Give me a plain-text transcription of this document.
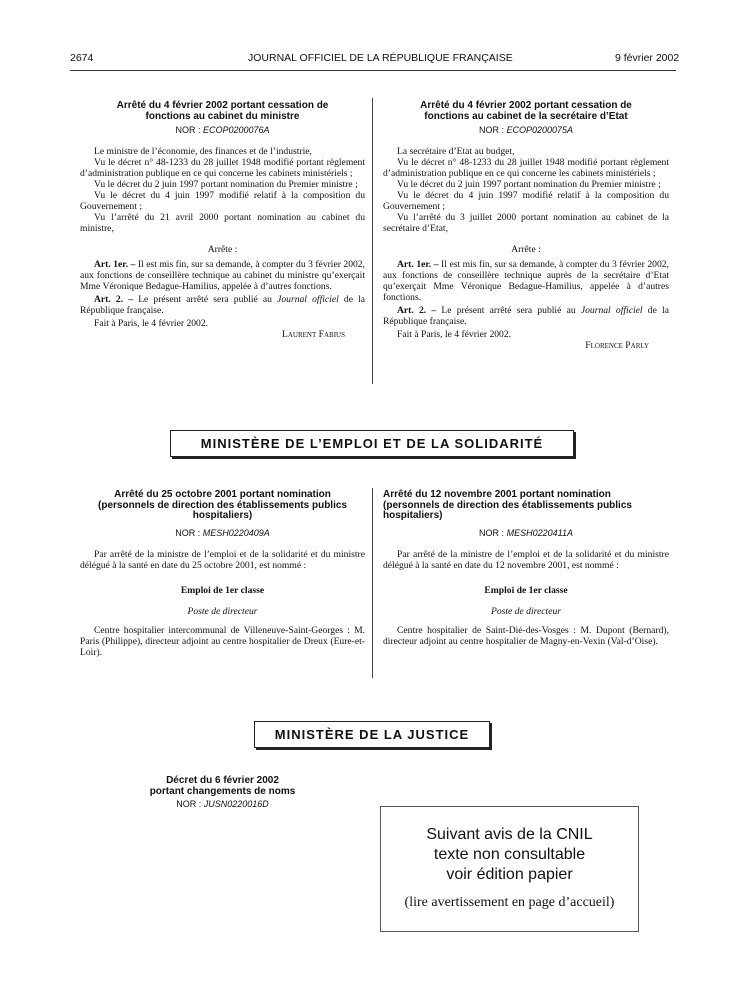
2674	JOURNAL OFFICIEL DE LA RÉPUBLIQUE FRANÇAISE	9 février 2002
Arrêté du 4 février 2002 portant cessation de fonctions au cabinet du ministre
NOR : ECOP0200076A

Le ministre de l’économie, des finances et de l’industrie,

Vu le décret n° 48-1233 du 28 juillet 1948 modifié portant règlement d’administration publique en ce qui concerne les cabinets ministériels ;

Vu le décret du 2 juin 1997 portant nomination du Premier ministre ;

Vu le décret du 4 juin 1997 modifié relatif à la composition du Gouvernement ;

Vu l’arrêté du 21 avril 2000 portant nomination au cabinet du ministre,

Arrête :

Art. 1er. – Il est mis fin, sur sa demande, à compter du 3 février 2002, aux fonctions de conseillère technique au cabinet du ministre qu’exerçait Mme Véronique Bedague-Hamilius, appelée à d’autres fonctions.

Art. 2. – Le présent arrêté sera publié au Journal officiel de la République française.

Fait à Paris, le 4 février 2002.

Laurent Fabius

Arrêté du 4 février 2002 portant cessation de fonctions au cabinet de la secrétaire d’Etat
NOR : ECOP0200075A

La secrétaire d’Etat au budget,

Vu le décret n° 48-1233 du 28 juillet 1948 modifié portant règlement d’administration publique en ce qui concerne les cabinets ministériels ;

Vu le décret du 2 juin 1997 portant nomination du Premier ministre ;

Vu le décret du 4 juin 1997 modifié relatif à la composition du Gouvernement ;

Vu l’arrêté du 3 juillet 2000 portant nomination au cabinet de la secrétaire d’Etat,

Arrête :

Art. 1er. – Il est mis fin, sur sa demande, à compter du 3 février 2002, aux fonctions de conseillère technique auprès de la secrétaire d’Etat qu’exerçait Mme Véronique Bedague-Hamilius, appelée à d’autres fonctions.

Art. 2. – Le présent arrêté sera publié au Journal officiel de la République française.

Fait à Paris, le 4 février 2002.

Florence Parly

MINISTÈRE DE L’EMPLOI ET DE LA SOLIDARITÉ
Arrêté du 25 octobre 2001 portant nomination (personnels de direction des établissements publics hospitaliers)
NOR : MESH0220409A

Par arrêté de la ministre de l’emploi et de la solidarité et du ministre délégué à la santé en date du 25 octobre 2001, est nommé :

Emploi de 1er classe

Poste de directeur

Centre hospitalier intercommunal de Villeneuve-Saint-Georges : M. Paris (Philippe), directeur adjoint au centre hospitalier de Dreux (Eure-et-Loir).

Arrêté du 12 novembre 2001 portant nomination (personnels de direction des établissements publics hospitaliers)
NOR : MESH0220411A

Par arrêté de la ministre de l’emploi et de la solidarité et du ministre délégué à la santé en date du 12 novembre 2001, est nommé :

Emploi de 1er classe

Poste de directeur

Centre hospitalier de Saint-Dié-des-Vosges : M. Dupont (Bernard), directeur adjoint au centre hospitalier de Magny-en-Vexin (Val-d’Oise).

MINISTÈRE DE LA JUSTICE
Décret du 6 février 2002
portant changements de noms
NOR : JUSN0220016D
Suivant avis de la CNIL
texte non consultable
voir édition papier
(lire avertissement en page d’accueil)
